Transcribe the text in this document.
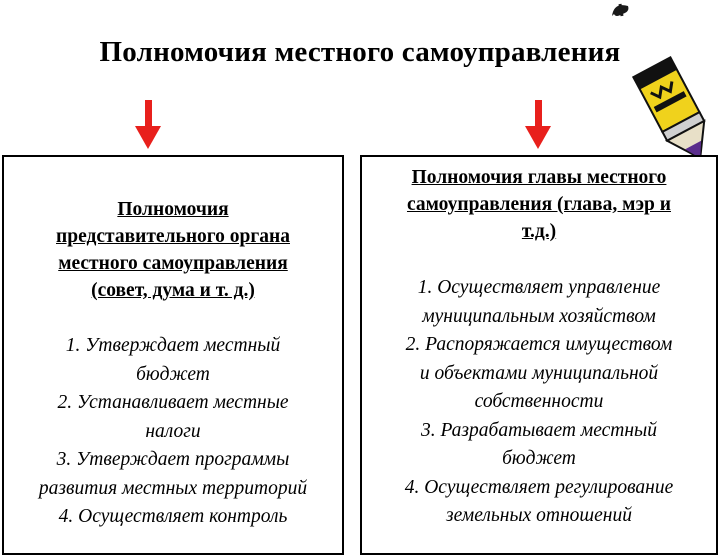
Полномочия местного самоуправления
Полномочия
представительного органа
местного самоуправления
(совет, дума и т. д.)
1. Утверждает местный
бюджет
2. Устанавливает местные
налоги
3. Утверждает программы
развития местных территорий
4. Осуществляет контроль
Полномочия главы местного
самоуправления (глава, мэр и
т.д.)
1. Осуществляет управление
муниципальным хозяйством
2. Распоряжается имуществом
и объектами муниципальной
собственности
3. Разрабатывает местный
бюджет
4. Осуществляет регулирование
земельных отношений
